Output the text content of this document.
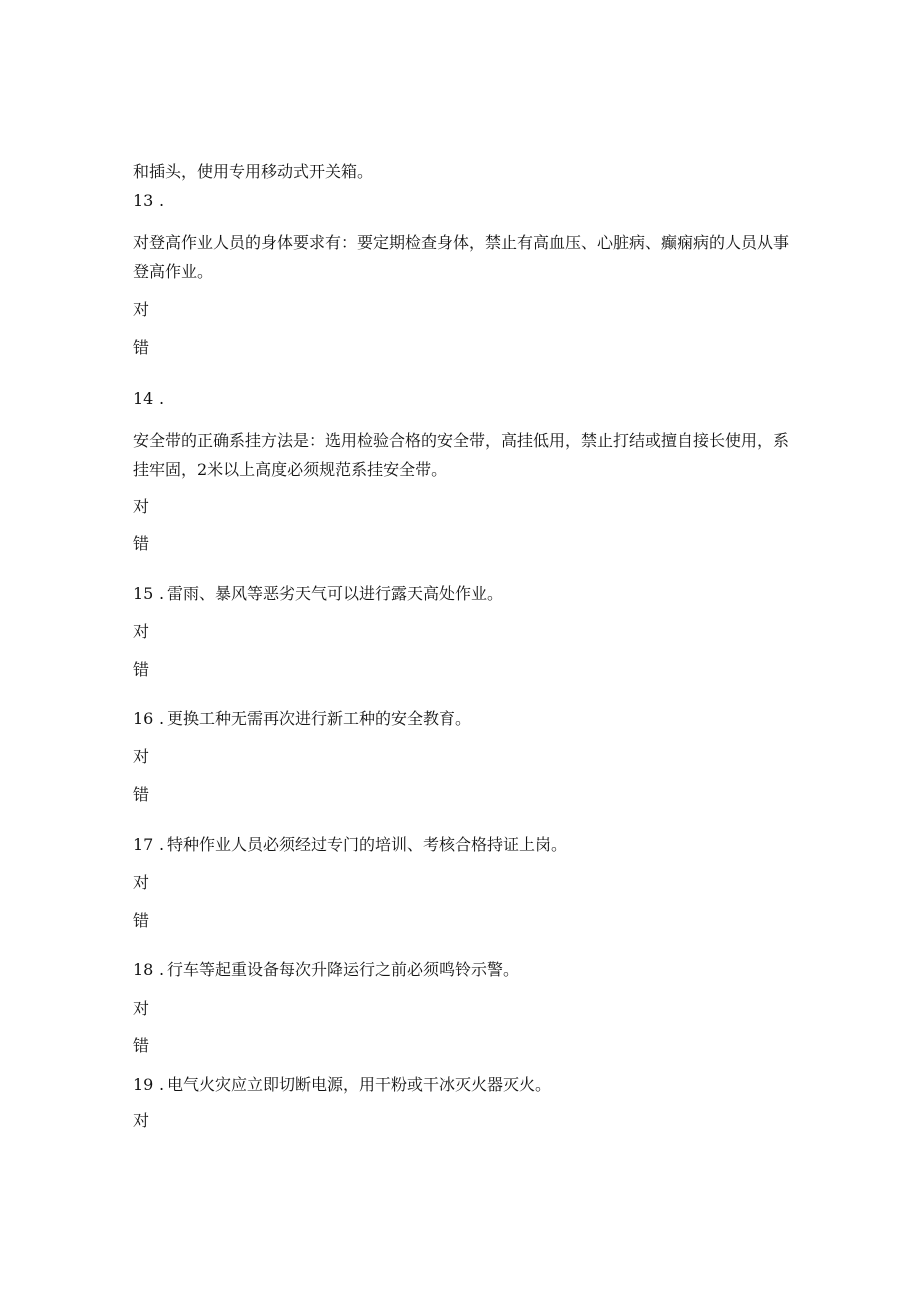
和插头，使用专用移动式开关箱。
13 .
对登高作业人员的身体要求有：要定期检查身体，禁止有高血压、心脏病、癫痫病的人员从事登高作业。
对
错
14 .
安全带的正确系挂方法是：选用检验合格的安全带，高挂低用，禁止打结或擅自接长使用，系挂牢固，2米以上高度必须规范系挂安全带。
对
错
15 . 雷雨、暴风等恶劣天气可以进行露天高处作业。
对
错
16 . 更换工种无需再次进行新工种的安全教育。
对
错
17 . 特种作业人员必须经过专门的培训、考核合格持证上岗。
对
错
18 . 行车等起重设备每次升降运行之前必须鸣铃示警。
对
错
19 . 电气火灾应立即切断电源，用干粉或干冰灭火器灭火。
对
